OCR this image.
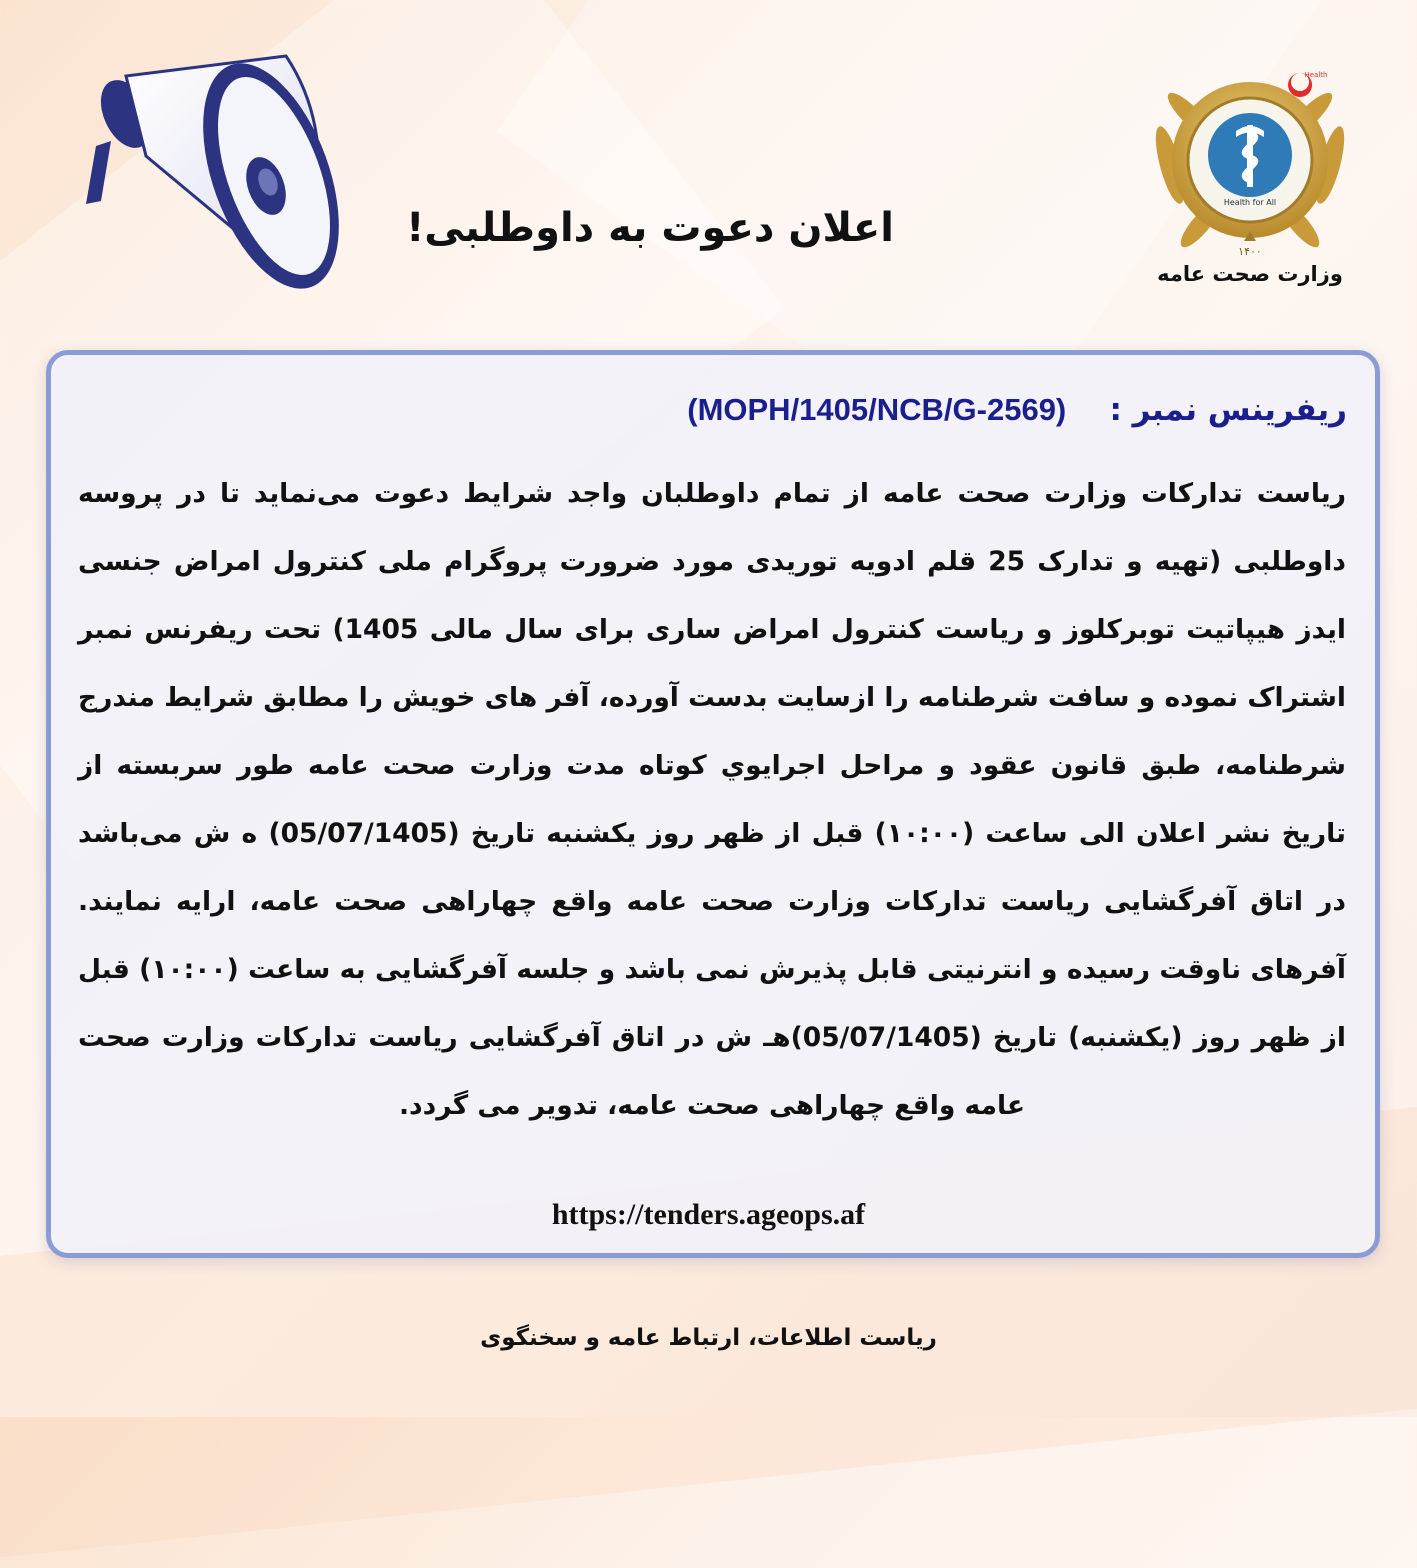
اعلان دعوت به داوطلبی!
۱۴۰۰
Health for All
Health
وزارت صحت عامه
ریفرینس نمبر :    (MOPH/1405/NCB/G-2569)

ریاست تدارکات وزارت صحت عامه از تمام داوطلبان واجد شرایط دعوت می‌نماید تا در پروسه داوطلبی (تهیه و تدارک 25 قلم ادویه توریدی مورد ضرورت پروگرام ملی کنترول امراض جنسی ایدز هیپاتیت توبرکلوز و ریاست کنترول امراض ساری برای سال مالی 1405) تحت ریفرنس نمبر اشتراک نموده و سافت شرطنامه را ازسایت بدست آورده، آفر های خویش را مطابق شرایط مندرج شرطنامه، طبق قانون عقود و مراحل اجرایوي کوتاه مدت وزارت صحت عامه طور سربسته از تاریخ نشر اعلان الی ساعت (۱۰:۰۰) قبل از ظهر روز یکشنبه تاریخ (05/07/1405) ه ش می‌باشد در اتاق آفرگشایی ریاست تدارکات وزارت صحت عامه واقع چهاراهی صحت عامه، ارایه نمایند. آفرهای ناوقت رسیده و انترنیتی قابل پذیرش نمی باشد و جلسه آفرگشایی به ساعت (۱۰:۰۰) قبل از ظهر روز (یکشنبه) تاریخ (05/07/1405)هـ ش در اتاق آفرگشایی ریاست تدارکات وزارت صحت عامه واقع چهاراهی صحت عامه، تدویر می گردد.

https://tenders.ageops.af
ریاست اطلاعات، ارتباط عامه و سخنگوی
